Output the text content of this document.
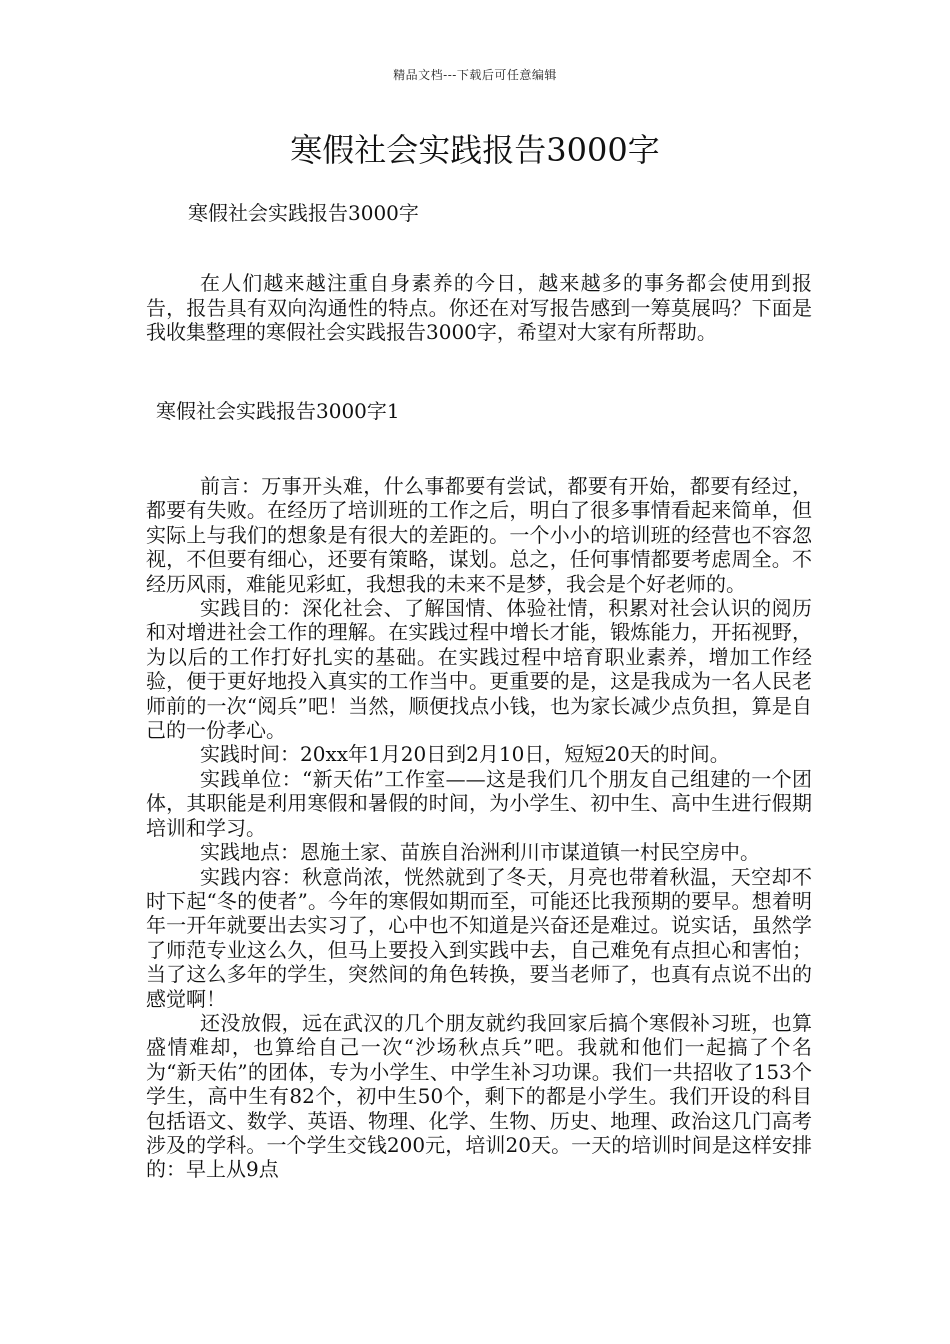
精品文档---下载后可任意编辑
寒假社会实践报告3000字
寒假社会实践报告3000字

在人们越来越注重自身素养的今日，越来越多的事务都会使用到报告，报告具有双向沟通性的特点。你还在对写报告感到一筹莫展吗？下面是我收集整理的寒假社会实践报告3000字，希望对大家有所帮助。

寒假社会实践报告3000字1

前言：万事开头难，什么事都要有尝试，都要有开始，都要有经过，都要有失败。在经历了培训班的工作之后，明白了很多事情看起来简单，但实际上与我们的想象是有很大的差距的。一个小小的培训班的经营也不容忽视，不但要有细心，还要有策略，谋划。总之，任何事情都要考虑周全。不经历风雨，难能见彩虹，我想我的未来不是梦，我会是个好老师的。

实践目的：深化社会、了解国情、体验社情，积累对社会认识的阅历和对增进社会工作的理解。在实践过程中增长才能，锻炼能力，开拓视野，为以后的工作打好扎实的基础。在实践过程中培育职业素养，增加工作经验，便于更好地投入真实的工作当中。更重要的是，这是我成为一名人民老师前的一次“阅兵”吧！当然，顺便找点小钱，也为家长减少点负担，算是自己的一份孝心。

实践时间：20xx年1月20日到2月10日，短短20天的时间。

实践单位：“新天佑”工作室——这是我们几个朋友自己组建的一个团体，其职能是利用寒假和暑假的时间，为小学生、初中生、高中生进行假期培训和学习。

实践地点：恩施土家、苗族自治洲利川市谋道镇一村民空房中。

实践内容：秋意尚浓，恍然就到了冬天，月亮也带着秋温，天空却不时下起“冬的使者”。今年的寒假如期而至，可能还比我预期的要早。想着明年一开年就要出去实习了，心中也不知道是兴奋还是难过。说实话，虽然学了师范专业这么久，但马上要投入到实践中去，自己难免有点担心和害怕；当了这么多年的学生，突然间的角色转换，要当老师了，也真有点说不出的感觉啊！

还没放假，远在武汉的几个朋友就约我回家后搞个寒假补习班，也算盛情难却，也算给自己一次“沙场秋点兵”吧。我就和他们一起搞了个名为“新天佑”的团体，专为小学生、中学生补习功课。我们一共招收了153个学生，高中生有82个，初中生50个，剩下的都是小学生。我们开设的科目包括语文、数学、英语、物理、化学、生物、历史、地理、政治这几门高考涉及的学科。一个学生交钱200元，培训20天。一天的培训时间是这样安排的：早上从9点
